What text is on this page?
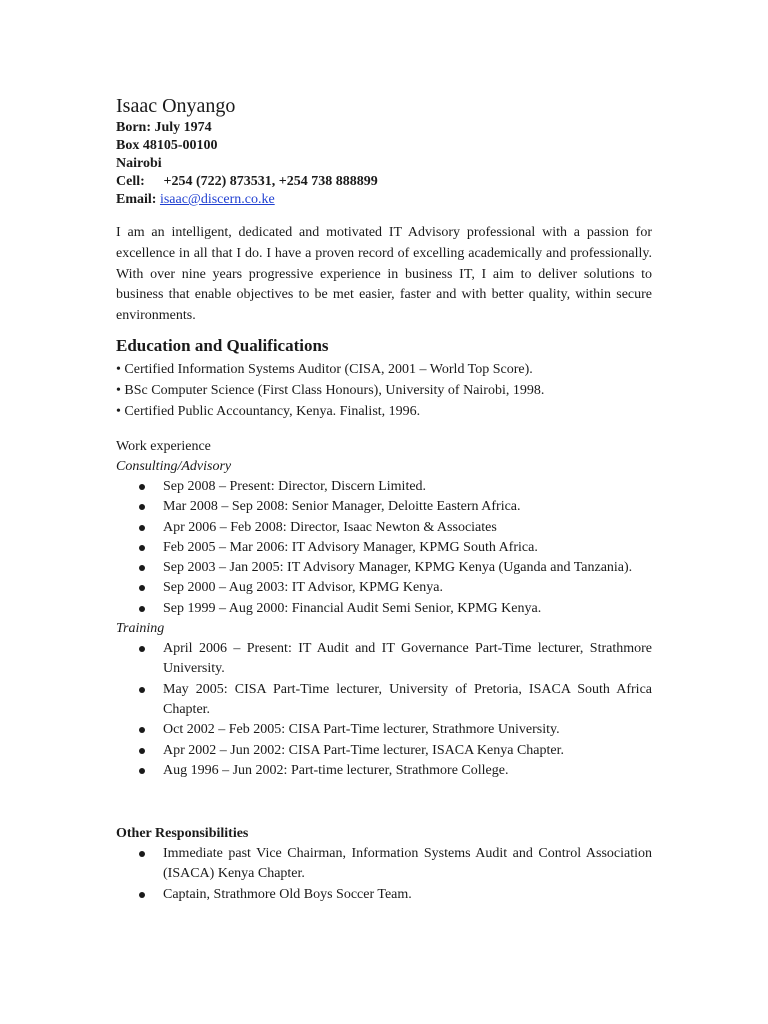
Isaac Onyango
Born: July 1974
Box 48105-00100
Nairobi
Cell: +254 (722) 873531, +254 738 888899
Email: isaac@discern.co.ke

I am an intelligent, dedicated and motivated IT Advisory professional with a passion for excellence in all that I do. I have a proven record of excelling academically and professionally. With over nine years progressive experience in business IT, I aim to deliver solutions to business that enable objectives to be met easier, faster and with better quality, within secure environments.

Education and Qualifications
• Certified Information Systems Auditor (CISA, 2001 – World Top Score).
• BSc Computer Science (First Class Honours), University of Nairobi, 1998.
• Certified Public Accountancy, Kenya. Finalist, 1996.
Work experience
Consulting/Advisory
Sep 2008 – Present: Director, Discern Limited.
Mar 2008 – Sep 2008: Senior Manager, Deloitte Eastern Africa.
Apr 2006 – Feb 2008: Director, Isaac Newton & Associates
Feb 2005 – Mar 2006: IT Advisory Manager, KPMG South Africa.
Sep 2003 – Jan 2005: IT Advisory Manager, KPMG Kenya (Uganda and Tanzania).
Sep 2000 – Aug 2003: IT Advisor, KPMG Kenya.
Sep 1999 – Aug 2000: Financial Audit Semi Senior, KPMG Kenya.
Training
April 2006 – Present: IT Audit and IT Governance Part-Time lecturer, Strathmore University.
May 2005: CISA Part-Time lecturer, University of Pretoria, ISACA South Africa Chapter.
Oct 2002 – Feb 2005: CISA Part-Time lecturer, Strathmore University.
Apr 2002 – Jun 2002: CISA Part-Time lecturer, ISACA Kenya Chapter.
Aug 1996 – Jun 2002: Part-time lecturer, Strathmore College.
Other Responsibilities
Immediate past Vice Chairman, Information Systems Audit and Control Association (ISACA) Kenya Chapter.
Captain, Strathmore Old Boys Soccer Team.
